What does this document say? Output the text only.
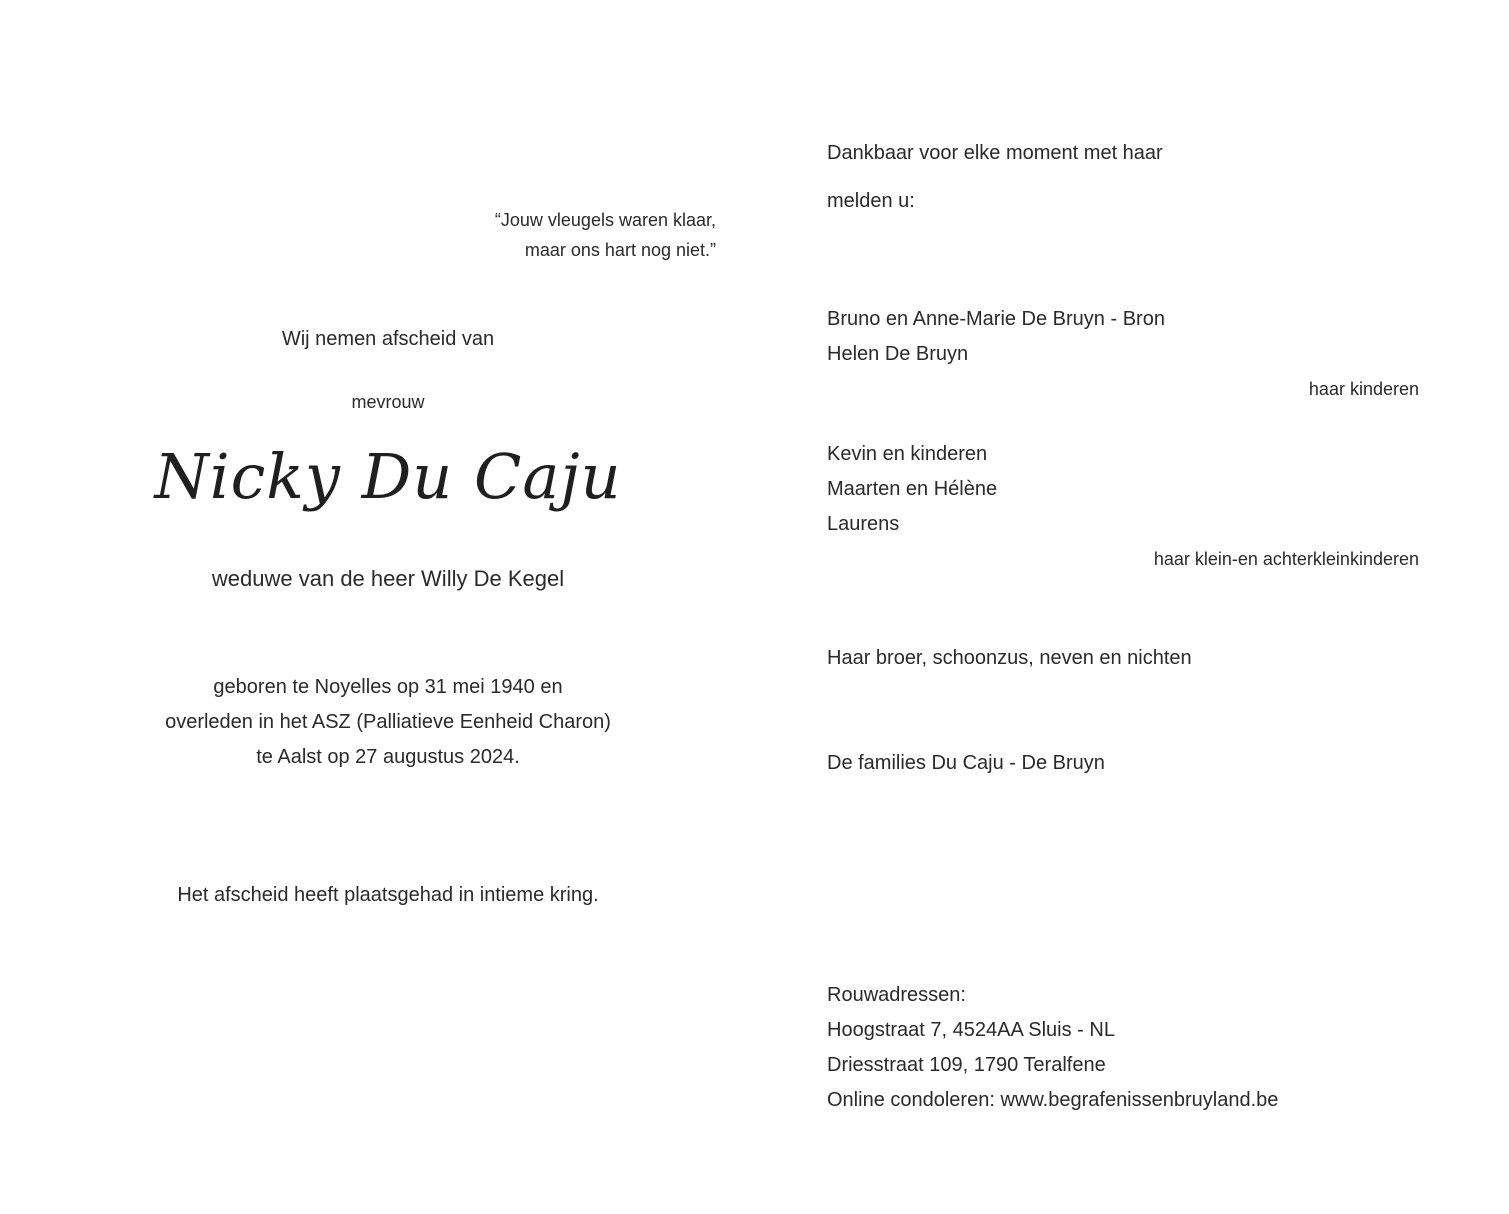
“Jouw vleugels waren klaar,
maar ons hart nog niet.”
Wij nemen afscheid van
mevrouw
Nicky Du Caju
weduwe van de heer Willy De Kegel
geboren te Noyelles op 31 mei 1940 en
overleden in het ASZ (Palliatieve Eenheid Charon)
te Aalst op 27 augustus 2024.
Het afscheid heeft plaatsgehad in intieme kring.
Dankbaar voor elke moment met haar
melden u:
Bruno en Anne-Marie De Bruyn - Bron
Helen De Bruyn
haar kinderen
Kevin en kinderen
Maarten en Hélène
Laurens
haar klein-en achterkleinkinderen
Haar broer, schoonzus, neven en nichten
De families Du Caju - De Bruyn
Rouwadressen:
Hoogstraat 7, 4524AA Sluis - NL
Driesstraat 109, 1790 Teralfene
Online condoleren: www.begrafenissenbruyland.be
